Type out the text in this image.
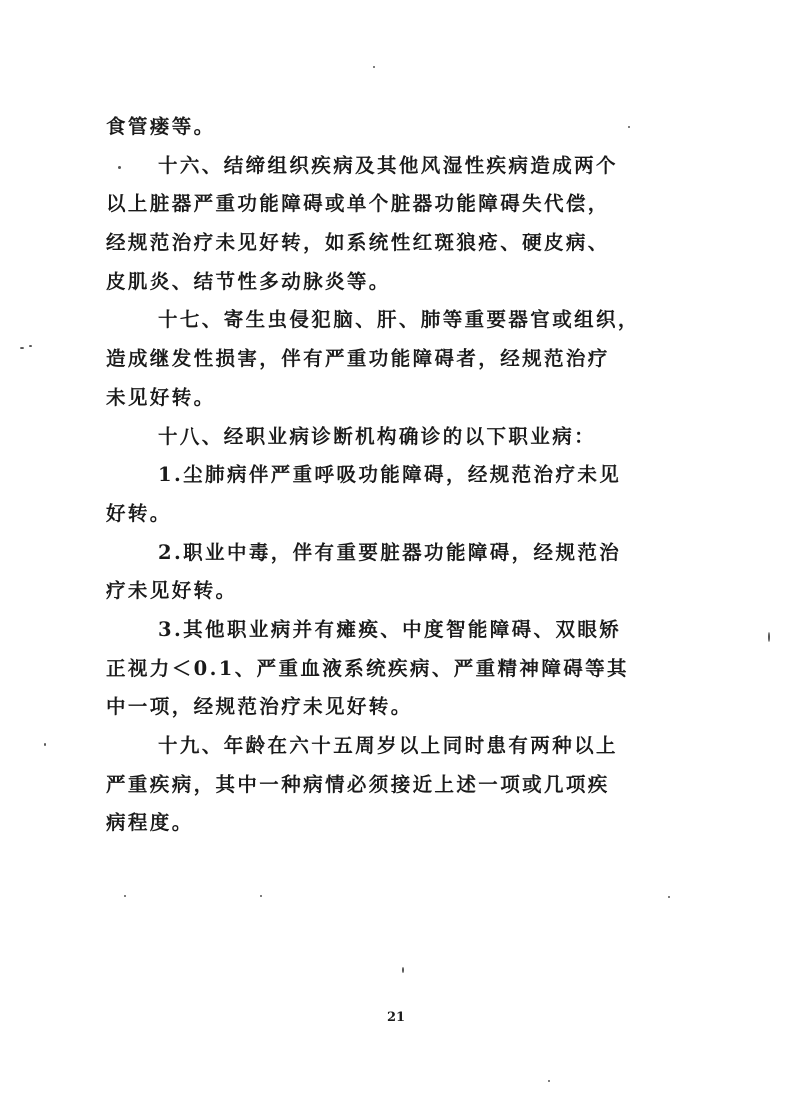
食管瘘等。
十六、结缔组织疾病及其他风湿性疾病造成两个
以上脏器严重功能障碍或单个脏器功能障碍失代偿，
经规范治疗未见好转，如系统性红斑狼疮、硬皮病、
皮肌炎、结节性多动脉炎等。
十七、寄生虫侵犯脑、肝、肺等重要器官或组织，
造成继发性损害，伴有严重功能障碍者，经规范治疗
未见好转。
十八、经职业病诊断机构确诊的以下职业病：
1.尘肺病伴严重呼吸功能障碍，经规范治疗未见
好转。
2.职业中毒，伴有重要脏器功能障碍，经规范治
疗未见好转。
3.其他职业病并有瘫痪、中度智能障碍、双眼矫
正视力＜0.1、严重血液系统疾病、严重精神障碍等其
中一项，经规范治疗未见好转。
十九、年龄在六十五周岁以上同时患有两种以上
严重疾病，其中一种病情必须接近上述一项或几项疾
病程度。
21
